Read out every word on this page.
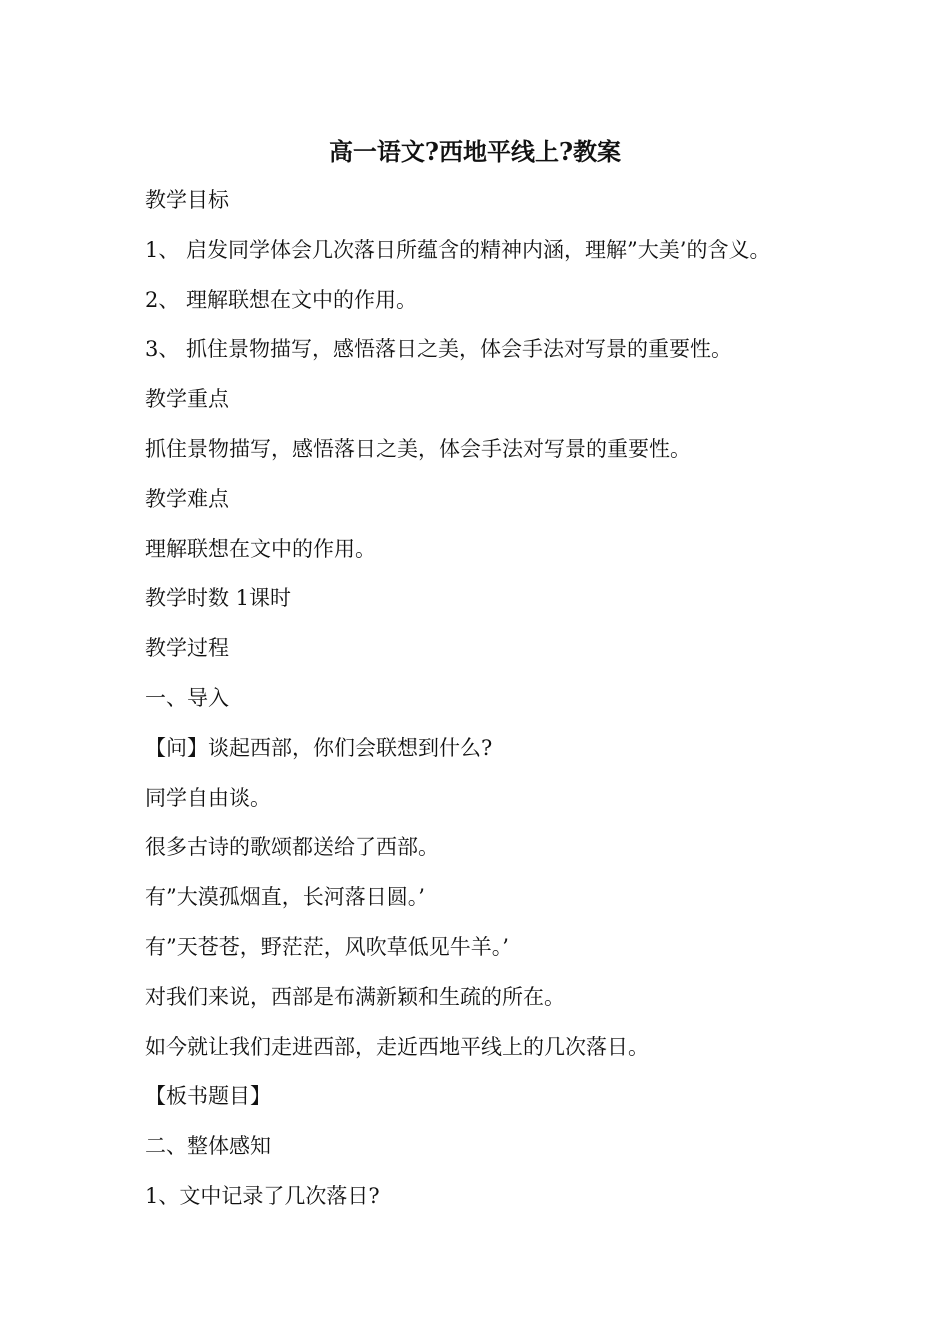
高一语文?西地平线上?教案
教学目标
1、 启发同学体会几次落日所蕴含的精神内涵，理解”大美’的含义。
2、 理解联想在文中的作用。
3、 抓住景物描写，感悟落日之美，体会手法对写景的重要性。
教学重点
抓住景物描写，感悟落日之美，体会手法对写景的重要性。
教学难点
理解联想在文中的作用。
教学时数 1课时
教学过程
一、导入
【问】谈起西部，你们会联想到什么?
同学自由谈。
很多古诗的歌颂都送给了西部。
有”大漠孤烟直，长河落日圆。’
有”天苍苍，野茫茫，风吹草低见牛羊。’
对我们来说，西部是布满新颖和生疏的所在。
如今就让我们走进西部，走近西地平线上的几次落日。
【板书题目】
二、整体感知
1、文中记录了几次落日?
